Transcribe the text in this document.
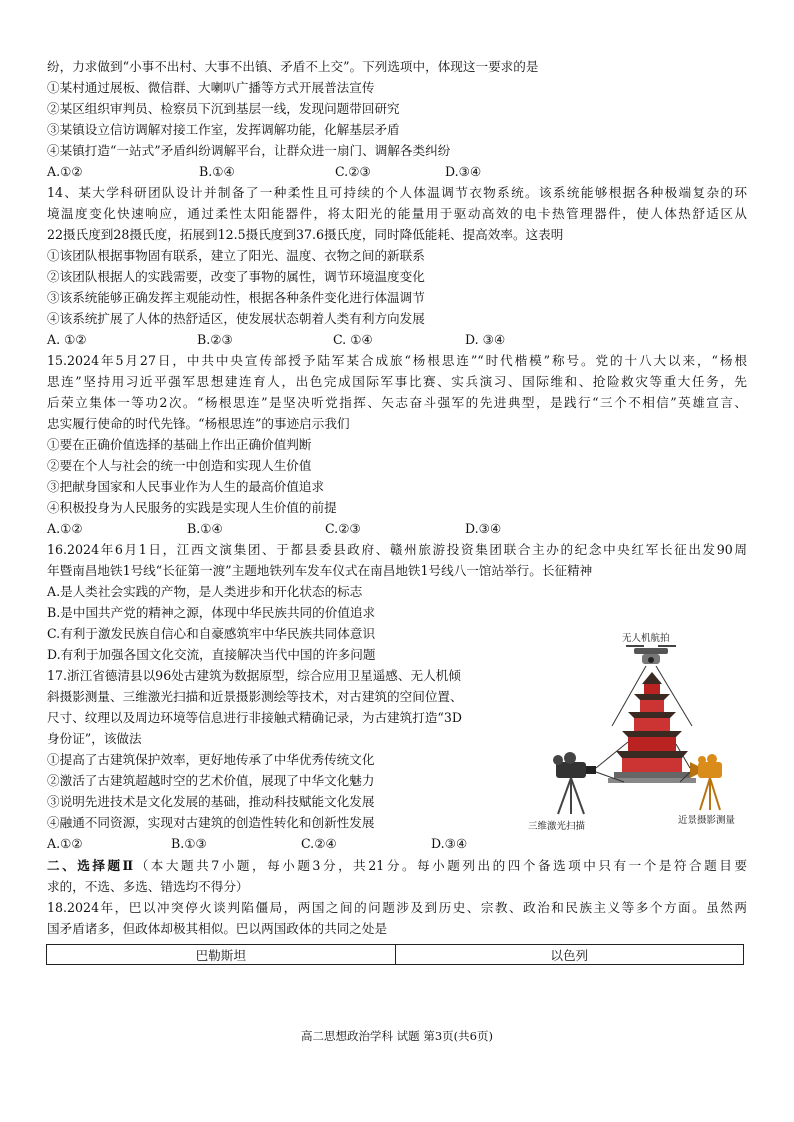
纷，力求做到“小事不出村、大事不出镇、矛盾不上交”。下列选项中，体现这一要求的是
①某村通过展板、微信群、大喇叭广播等方式开展普法宣传
②某区组织审判员、检察员下沉到基层一线，发现问题带回研究
③某镇设立信访调解对接工作室，发挥调解功能，化解基层矛盾
④某镇打造“一站式”矛盾纠纷调解平台，让群众进一扇门、调解各类纠纷
A.①②	B.①④	C.②③	D.③④
14、某大学科研团队设计并制备了一种柔性且可持续的个人体温调节衣物系统。该系统能够根据各种极端复杂的环
境温度变化快速响应，通过柔性太阳能器件，将太阳光的能量用于驱动高效的电卡热管理器件，使人体热舒适区从
22摄氏度到28摄氏度，拓展到12.5摄氏度到37.6摄氏度，同时降低能耗、提高效率。这表明
①该团队根据事物固有联系，建立了阳光、温度、衣物之间的新联系
②该团队根据人的实践需要，改变了事物的属性，调节环境温度变化
③该系统能够正确发挥主观能动性，根据各种条件变化进行体温调节
④该系统扩展了人体的热舒适区，使发展状态朝着人类有利方向发展
A. ①②	B.②③	C. ①④	D. ③④
15.2024年5月27日，中共中央宣传部授予陆军某合成旅“杨根思连”“时代楷模”称号。党的十八大以来，“杨根
思连”坚持用习近平强军思想建连育人，出色完成国际军事比赛、实兵演习、国际维和、抢险救灾等重大任务，先
后荣立集体一等功2次。“杨根思连”是坚决听党指挥、矢志奋斗强军的先进典型，是践行“三个不相信”英雄宣言、
忠实履行使命的时代先锋。“杨根思连”的事迹启示我们
①要在正确价值选择的基础上作出正确价值判断
②要在个人与社会的统一中创造和实现人生价值
③把献身国家和人民事业作为人生的最高价值追求
④积极投身为人民服务的实践是实现人生价值的前提
A.①②	B.①④	C.②③	D.③④
16.2024年6月1日，江西文演集团、于都县委县政府、赣州旅游投资集团联合主办的纪念中央红军长征出发90周
年暨南昌地铁1号线“长征第一渡”主题地铁列车发车仪式在南昌地铁1号线八一馆站举行。长征精神
A.是人类社会实践的产物，是人类进步和开化状态的标志
B.是中国共产党的精神之源，体现中华民族共同的价值追求
C.有利于激发民族自信心和自豪感筑牢中华民族共同体意识
D.有利于加强各国文化交流，直接解决当代中国的许多问题
17.浙江省德清县以96处古建筑为数据原型，综合应用卫星遥感、无人机倾
斜摄影测量、三维激光扫描和近景摄影测绘等技术，对古建筑的空间位置、
尺寸、纹理以及周边环境等信息进行非接触式精确记录，为古建筑打造“3D
身份证”，该做法
①提高了古建筑保护效率，更好地传承了中华优秀传统文化
②激活了古建筑超越时空的艺术价值，展现了中华文化魅力
③说明先进技术是文化发展的基础，推动科技赋能文化发展
④融通不同资源，实现对古建筑的创造性转化和创新性发展
A.①②	B.①③	C.②④	D.③④
无人机航拍
三维激光扫描
近景摄影测量
二、选择题Ⅱ（本大题共7小题，每小题3分，共21分。每小题列出的四个备选项中只有一个是符合题目要
求的，不选、多选、错选均不得分）
18.2024年，巴以冲突停火谈判陷僵局，两国之间的问题涉及到历史、宗教、政治和民族主义等多个方面。虽然两
国矛盾诸多，但政体却极其相似。巴以两国政体的共同之处是
巴勒斯坦	以色列
高二思想政治学科 试题 第3页(共6页)
